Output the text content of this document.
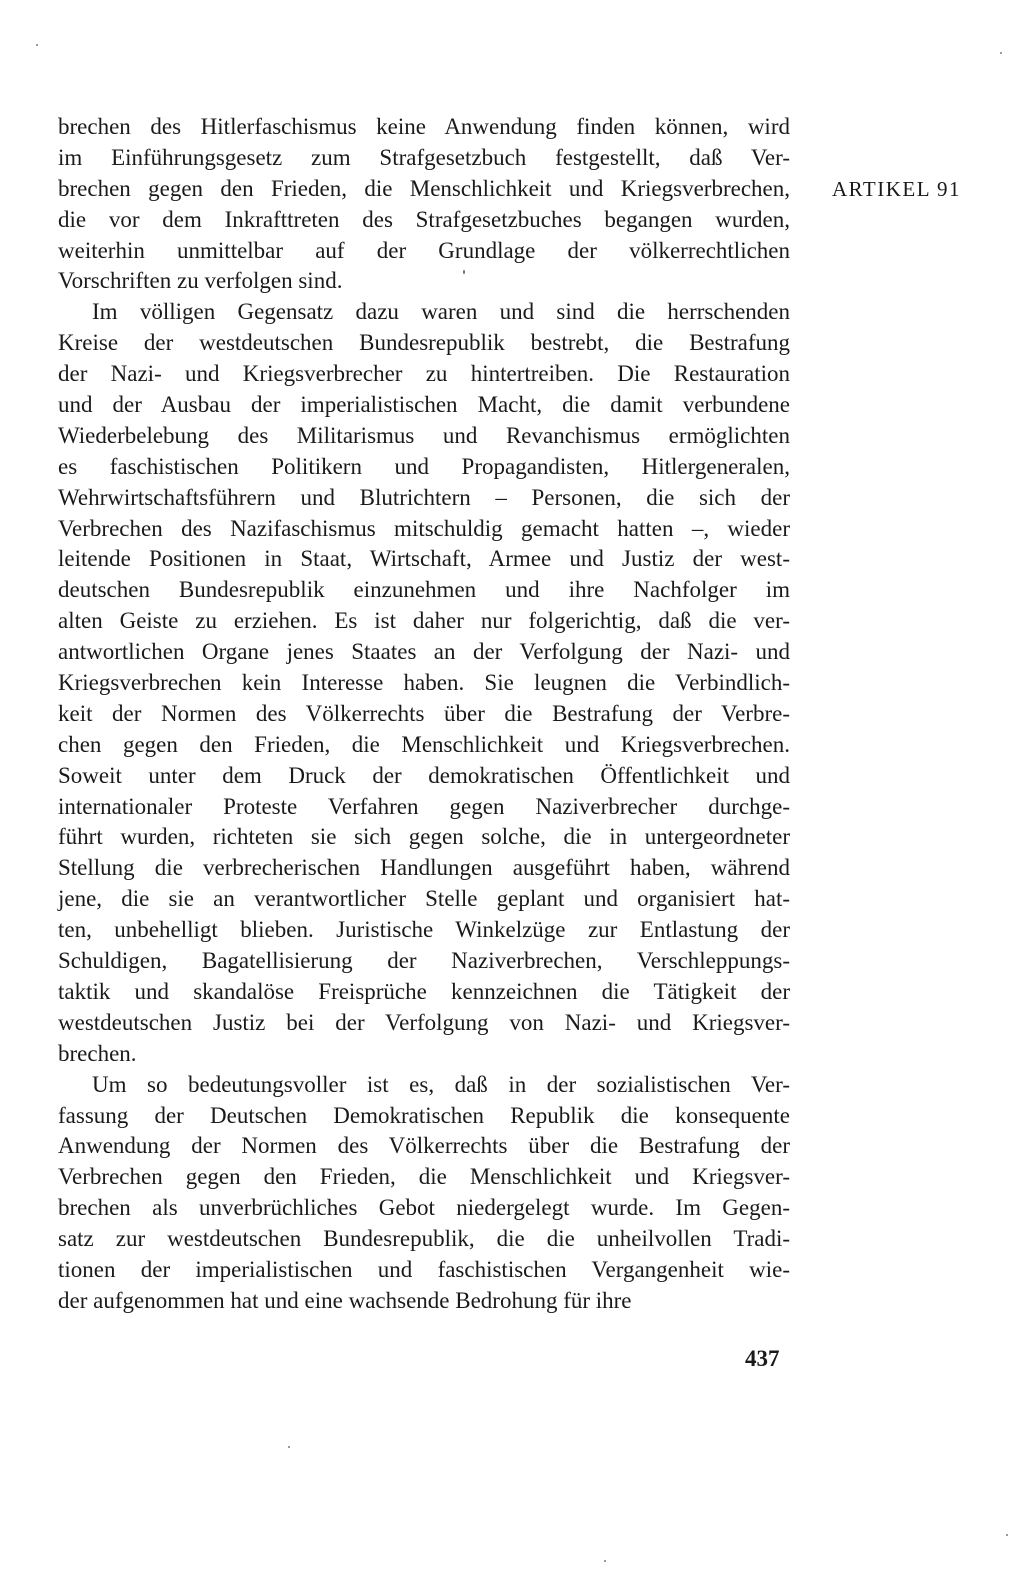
brechen des Hitlerfaschismus keine Anwendung finden können, wird
im Einführungsgesetz zum Strafgesetzbuch festgestellt, daß Ver-
brechen gegen den Frieden, die Menschlichkeit und Kriegsverbrechen,
die vor dem Inkrafttreten des Strafgesetzbuches begangen wurden,
weiterhin unmittelbar auf der Grundlage der völkerrechtlichen
Vorschriften zu verfolgen sind.
Im völligen Gegensatz dazu waren und sind die herrschenden
Kreise der westdeutschen Bundesrepublik bestrebt, die Bestrafung
der Nazi- und Kriegsverbrecher zu hintertreiben. Die Restauration
und der Ausbau der imperialistischen Macht, die damit verbundene
Wiederbelebung des Militarismus und Revanchismus ermöglichten
es faschistischen Politikern und Propagandisten, Hitlergeneralen,
Wehrwirtschaftsführern und Blutrichtern – Personen, die sich der
Verbrechen des Nazifaschismus mitschuldig gemacht hatten –, wieder
leitende Positionen in Staat, Wirtschaft, Armee und Justiz der west-
deutschen Bundesrepublik einzunehmen und ihre Nachfolger im
alten Geiste zu erziehen. Es ist daher nur folgerichtig, daß die ver-
antwortlichen Organe jenes Staates an der Verfolgung der Nazi- und
Kriegsverbrechen kein Interesse haben. Sie leugnen die Verbindlich-
keit der Normen des Völkerrechts über die Bestrafung der Verbre-
chen gegen den Frieden, die Menschlichkeit und Kriegsverbrechen.
Soweit unter dem Druck der demokratischen Öffentlichkeit und
internationaler Proteste Verfahren gegen Naziverbrecher durchge-
führt wurden, richteten sie sich gegen solche, die in untergeordneter
Stellung die verbrecherischen Handlungen ausgeführt haben, während
jene, die sie an verantwortlicher Stelle geplant und organisiert hat-
ten, unbehelligt blieben. Juristische Winkelzüge zur Entlastung der
Schuldigen, Bagatellisierung der Naziverbrechen, Verschleppungs-
taktik und skandalöse Freisprüche kennzeichnen die Tätigkeit der
westdeutschen Justiz bei der Verfolgung von Nazi- und Kriegsver-
brechen.
Um so bedeutungsvoller ist es, daß in der sozialistischen Ver-
fassung der Deutschen Demokratischen Republik die konsequente
Anwendung der Normen des Völkerrechts über die Bestrafung der
Verbrechen gegen den Frieden, die Menschlichkeit und Kriegsver-
brechen als unverbrüchliches Gebot niedergelegt wurde. Im Gegen-
satz zur westdeutschen Bundesrepublik, die die unheilvollen Tradi-
tionen der imperialistischen und faschistischen Vergangenheit wie-
der aufgenommen hat und eine wachsende Bedrohung für ihre
ARTIKEL 91
437
